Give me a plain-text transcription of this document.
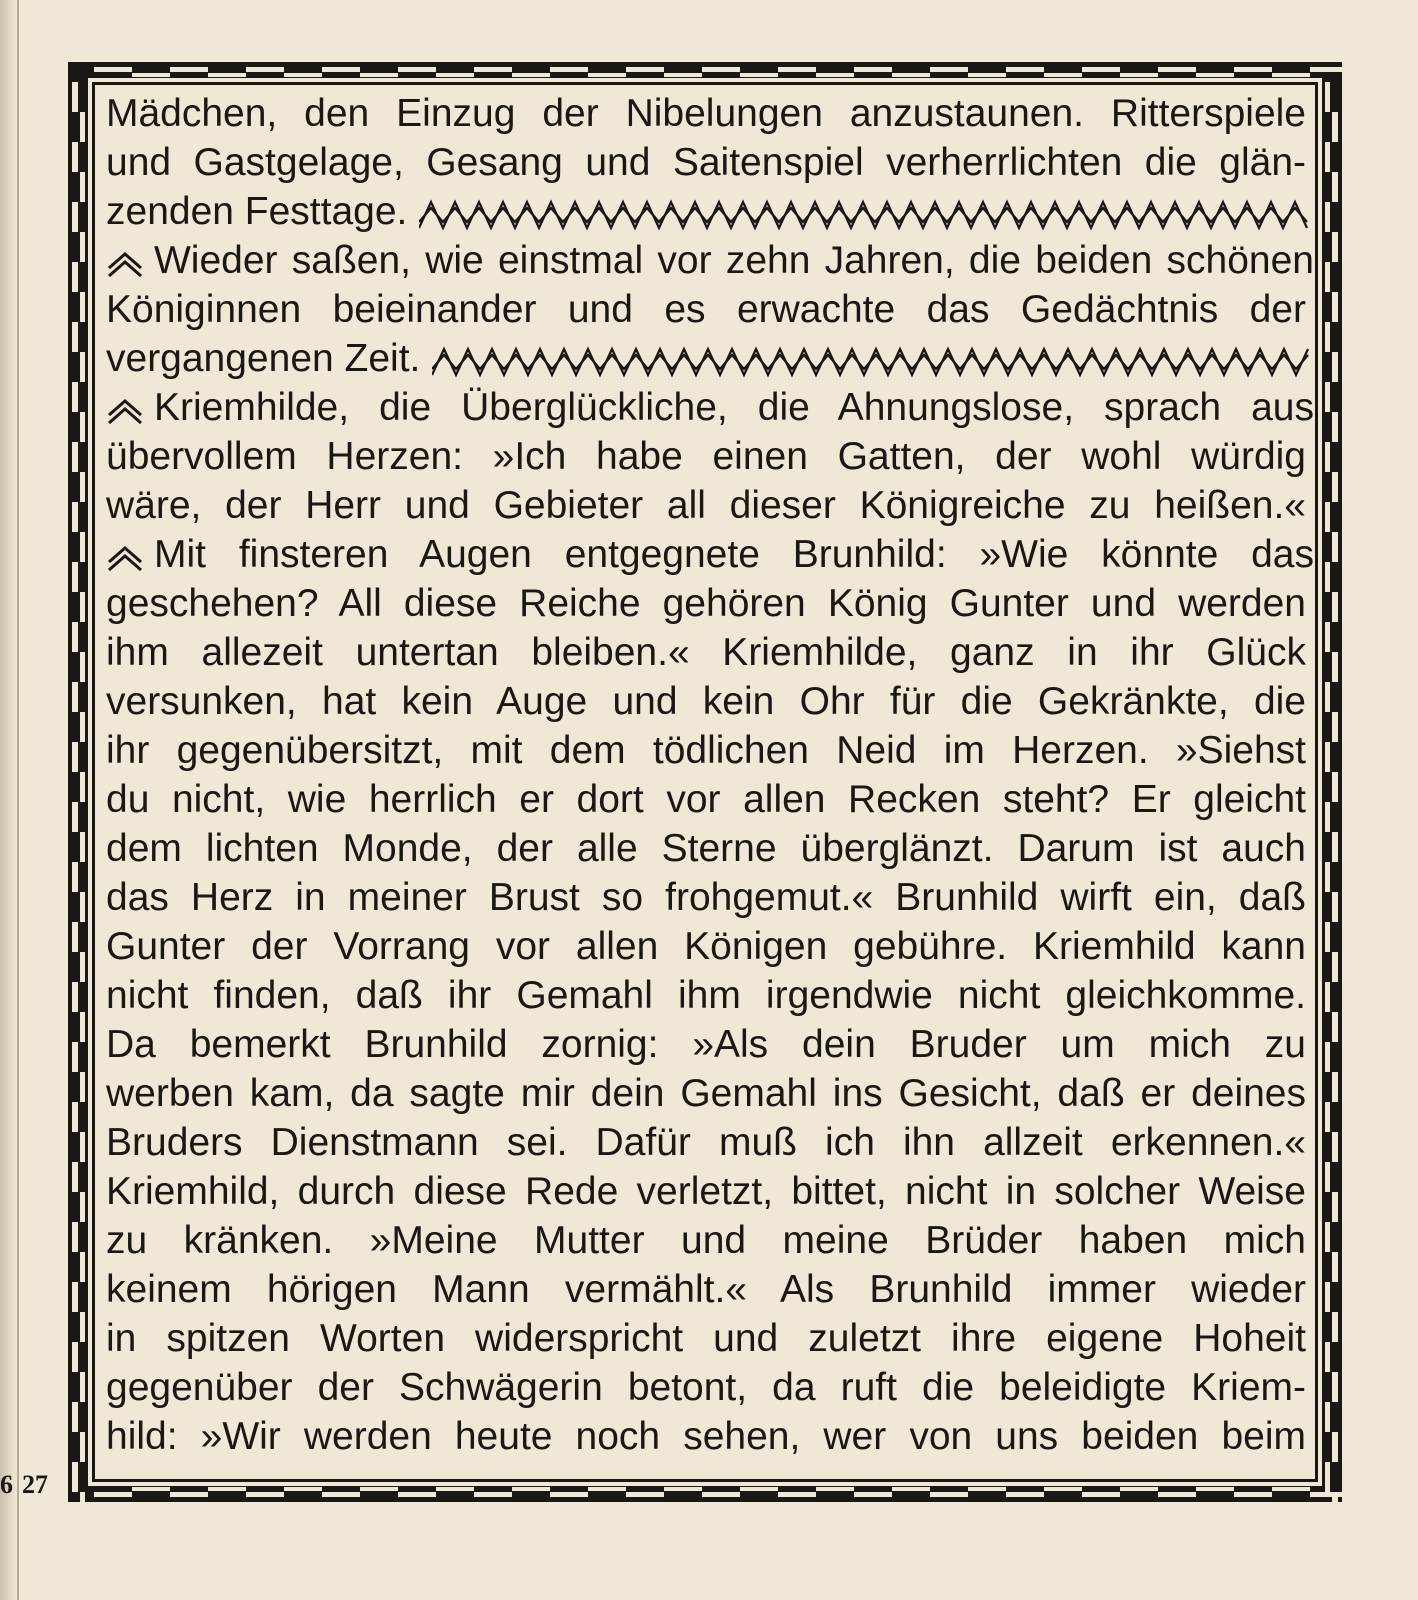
Mädchen, den Einzug der Nibelungen anzustaunen. Ritterspiele
und Gastgelage, Gesang und Saitenspiel verherrlichten die glän-
zenden Festtage.
Wieder saßen, wie einstmal vor zehn Jahren, die beiden schönen
Königinnen beieinander und es erwachte das Gedächtnis der
vergangenen Zeit.
Kriemhilde, die Überglückliche, die Ahnungslose, sprach aus
übervollem Herzen: »Ich habe einen Gatten, der wohl würdig
wäre, der Herr und Gebieter all dieser Königreiche zu heißen.«
Mit finsteren Augen entgegnete Brunhild: »Wie könnte das
geschehen? All diese Reiche gehören König Gunter und werden
ihm allezeit untertan bleiben.« Kriemhilde, ganz in ihr Glück
versunken, hat kein Auge und kein Ohr für die Gekränkte, die
ihr gegenübersitzt, mit dem tödlichen Neid im Herzen. »Siehst
du nicht, wie herrlich er dort vor allen Recken steht? Er gleicht
dem lichten Monde, der alle Sterne überglänzt. Darum ist auch
das Herz in meiner Brust so frohgemut.« Brunhild wirft ein, daß
Gunter der Vorrang vor allen Königen gebühre. Kriemhild kann
nicht finden, daß ihr Gemahl ihm irgendwie nicht gleichkomme.
Da bemerkt Brunhild zornig: »Als dein Bruder um mich zu
werben kam, da sagte mir dein Gemahl ins Gesicht, daß er deines
Bruders Dienstmann sei. Dafür muß ich ihn allzeit erkennen.«
Kriemhild, durch diese Rede verletzt, bittet, nicht in solcher Weise
zu kränken. »Meine Mutter und meine Brüder haben mich
keinem hörigen Mann vermählt.« Als Brunhild immer wieder
in spitzen Worten widerspricht und zuletzt ihre eigene Hoheit
gegenüber der Schwägerin betont, da ruft die beleidigte Kriem-
hild: »Wir werden heute noch sehen, wer von uns beiden beim
6 27
